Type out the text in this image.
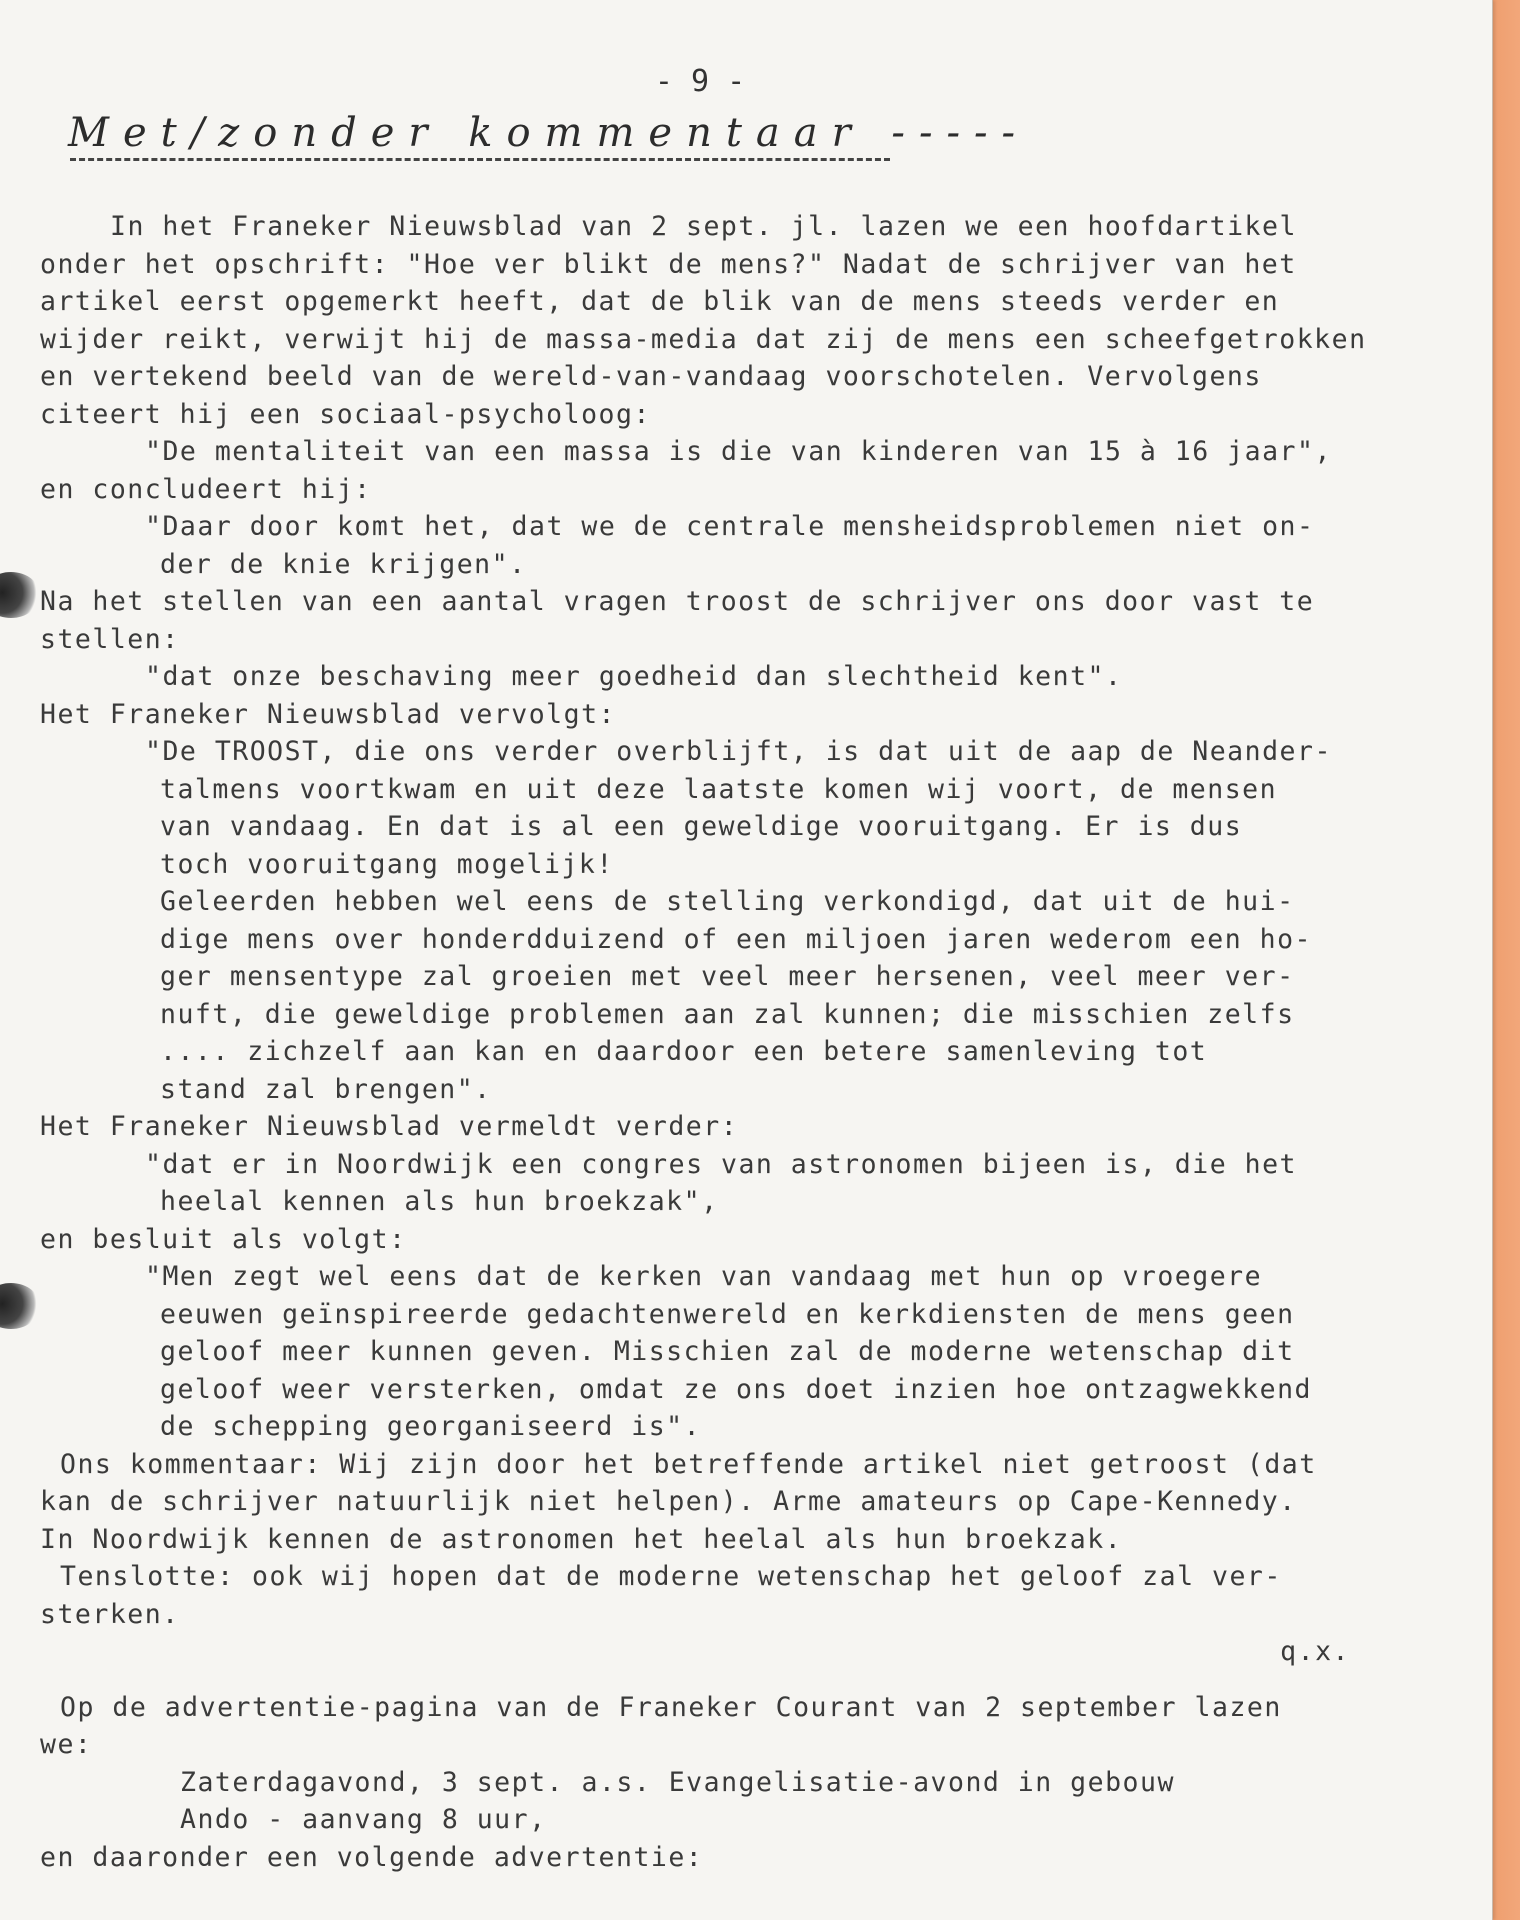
- 9 -
Met/zonder kommentaar -----
In het Franeker Nieuwsblad van 2 sept. jl. lazen we een hoofdartikel
onder het opschrift: "Hoe ver blikt de mens?" Nadat de schrijver van het
artikel eerst opgemerkt heeft, dat de blik van de mens steeds verder en
wijder reikt, verwijt hij de massa-media dat zij de mens een scheefgetrokken
en vertekend beeld van de wereld-van-vandaag voorschotelen. Vervolgens
citeert hij een sociaal-psycholoog:
"De mentaliteit van een massa is die van kinderen van 15 à 16 jaar",
en concludeert hij:
"Daar door komt het, dat we de centrale mensheidsproblemen niet on-
der de knie krijgen".
Na het stellen van een aantal vragen troost de schrijver ons door vast te
stellen:
"dat onze beschaving meer goedheid dan slechtheid kent".
Het Franeker Nieuwsblad vervolgt:
"De TROOST, die ons verder overblijft, is dat uit de aap de Neander-
talmens voortkwam en uit deze laatste komen wij voort, de mensen
van vandaag. En dat is al een geweldige vooruitgang. Er is dus
toch vooruitgang mogelijk!
Geleerden hebben wel eens de stelling verkondigd, dat uit de hui-
dige mens over honderdduizend of een miljoen jaren wederom een ho-
ger mensentype zal groeien met veel meer hersenen, veel meer ver-
nuft, die geweldige problemen aan zal kunnen; die misschien zelfs
.... zichzelf aan kan en daardoor een betere samenleving tot
stand zal brengen".
Het Franeker Nieuwsblad vermeldt verder:
"dat er in Noordwijk een congres van astronomen bijeen is, die het
heelal kennen als hun broekzak",
en besluit als volgt:
"Men zegt wel eens dat de kerken van vandaag met hun op vroegere
eeuwen geïnspireerde gedachtenwereld en kerkdiensten de mens geen
geloof meer kunnen geven. Misschien zal de moderne wetenschap dit
geloof weer versterken, omdat ze ons doet inzien hoe ontzagwekkend
de schepping georganiseerd is".
Ons kommentaar: Wij zijn door het betreffende artikel niet getroost (dat
kan de schrijver natuurlijk niet helpen). Arme amateurs op Cape-Kennedy.
In Noordwijk kennen de astronomen het heelal als hun broekzak.
Tenslotte: ook wij hopen dat de moderne wetenschap het geloof zal ver-
sterken.
q.x.
Op de advertentie-pagina van de Franeker Courant van 2 september lazen
we:
Zaterdagavond, 3 sept. a.s. Evangelisatie-avond in gebouw
Ando - aanvang 8 uur,
en daaronder een volgende advertentie:
